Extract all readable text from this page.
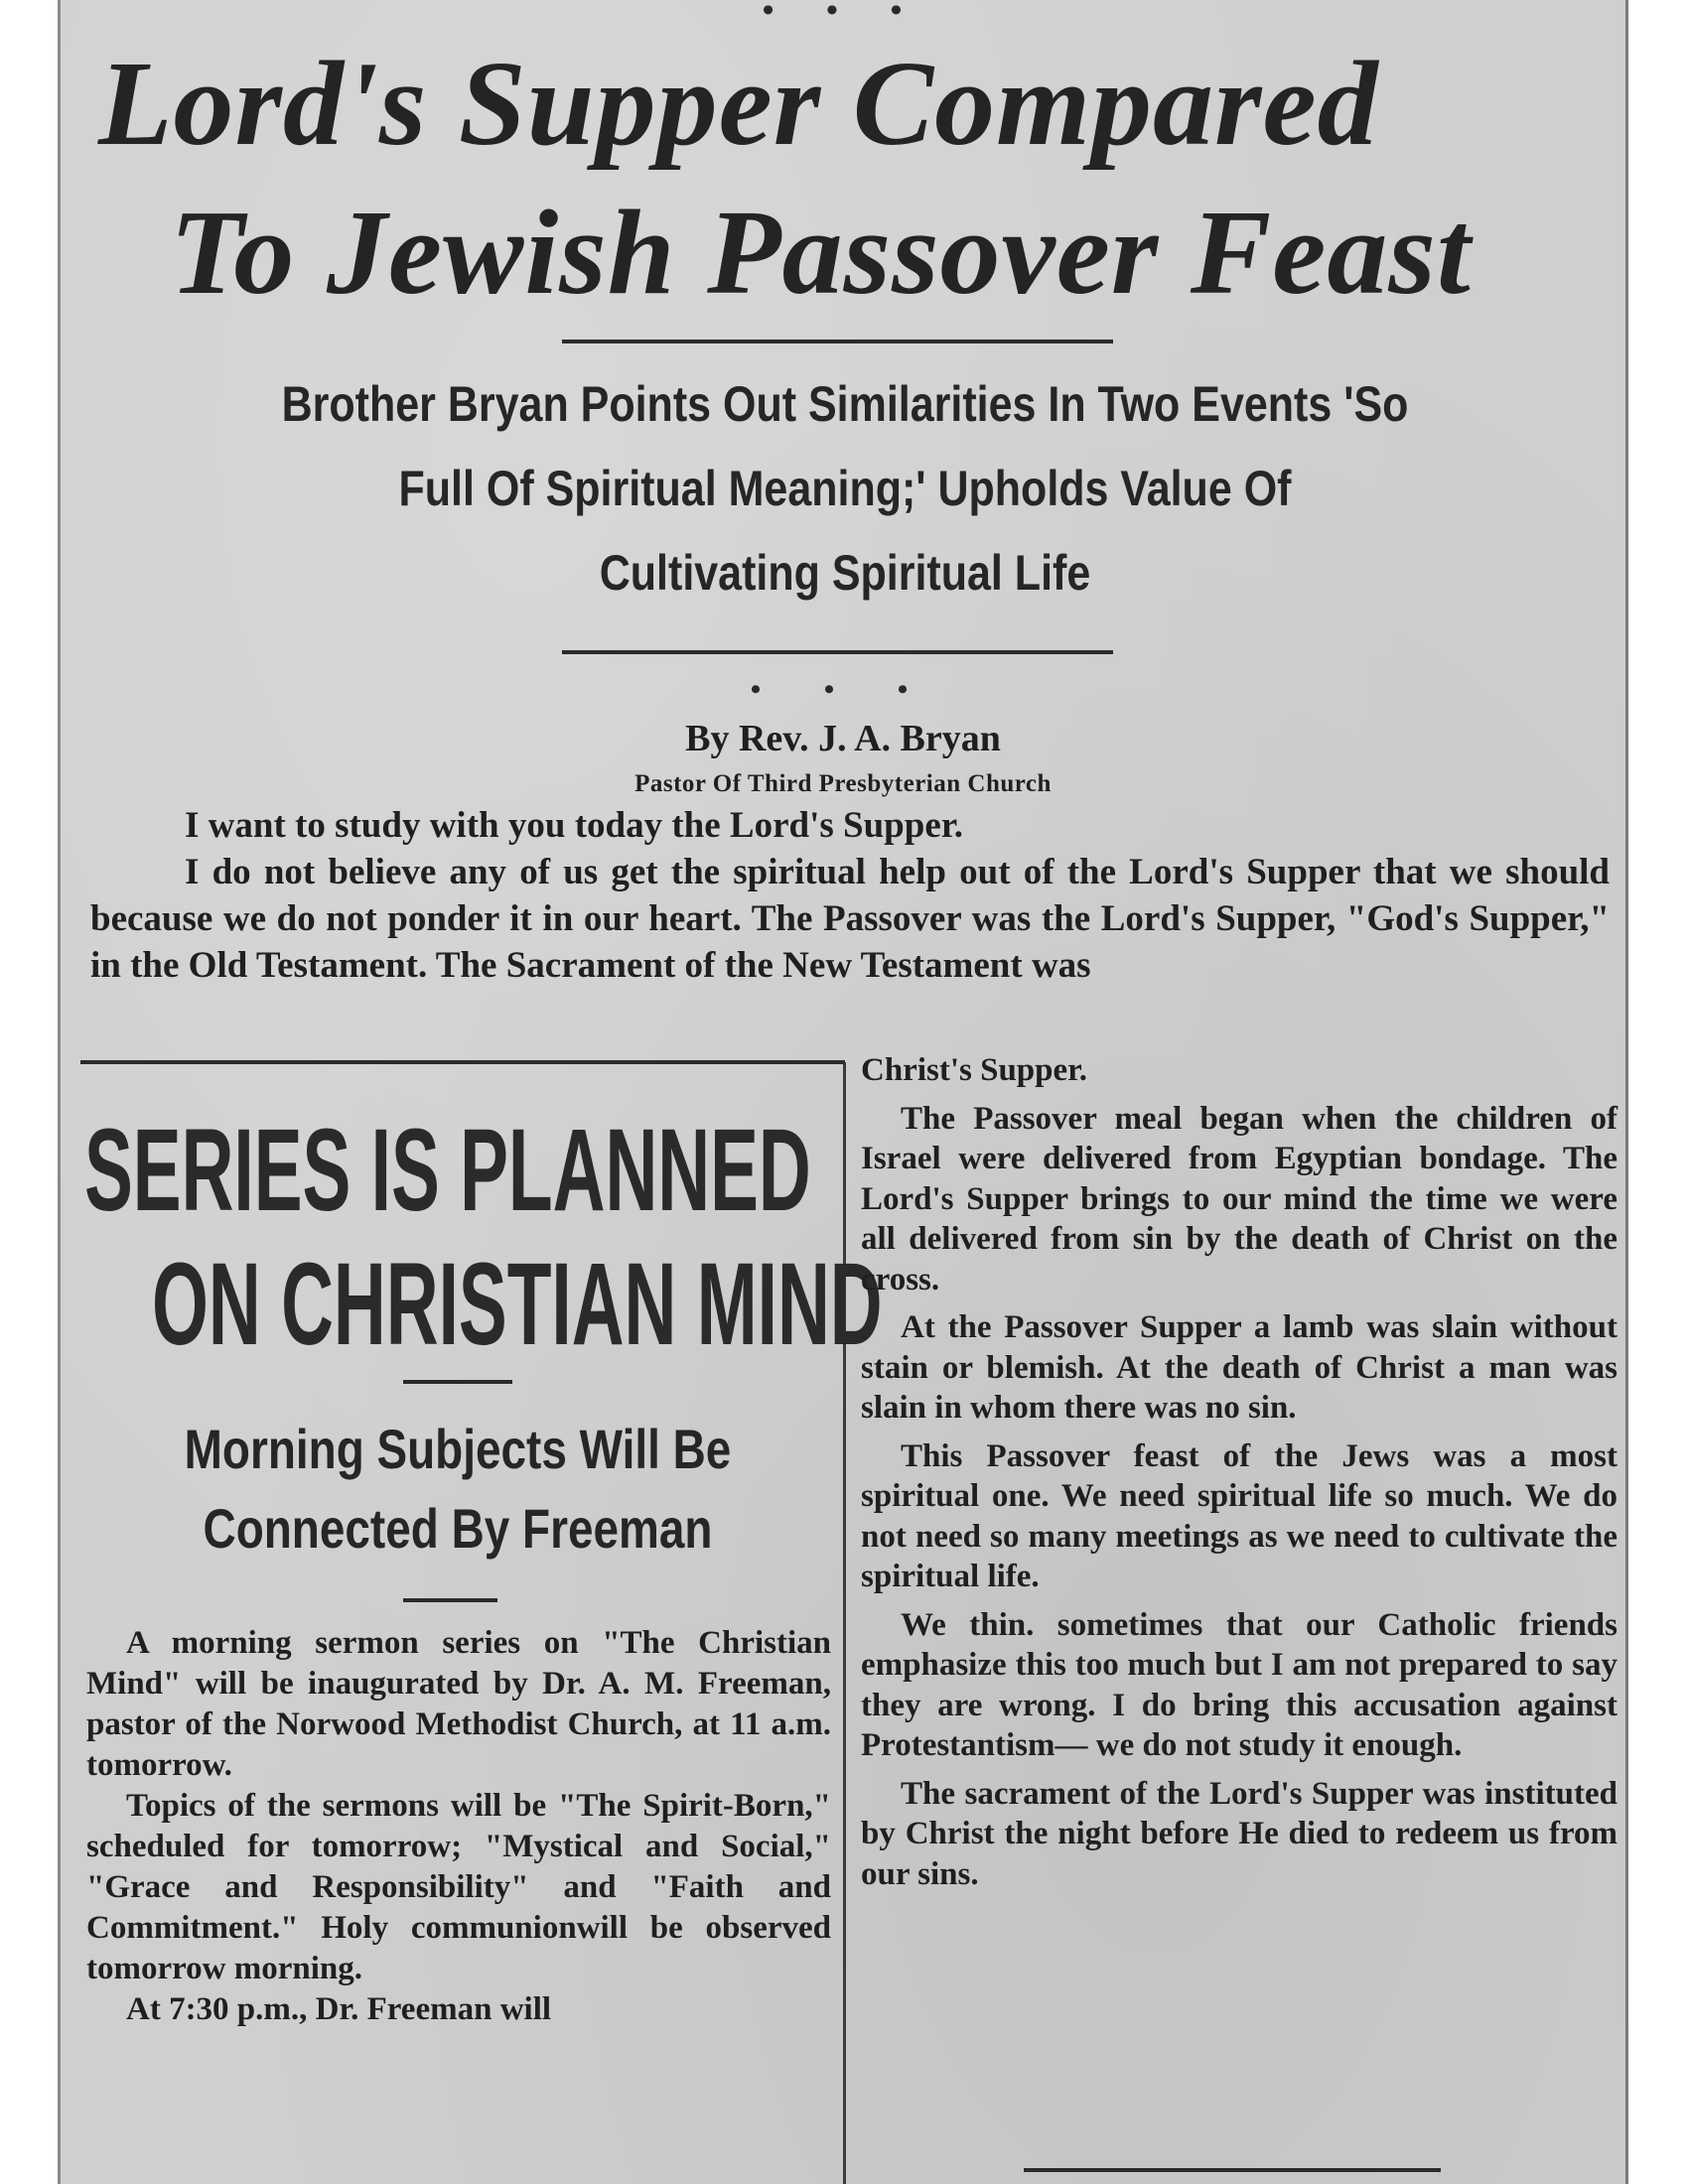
• • •
Lord's Supper Compared
To Jewish Passover Feast
Brother Bryan Points Out Similarities In Two Events 'So
Full Of Spiritual Meaning;' Upholds Value Of
Cultivating Spiritual Life
• • •
By Rev. J. A. Bryan
Pastor Of Third Presbyterian Church

I want to study with you today the Lord's Supper.

I do not believe any of us get the spiritual help out of the Lord's Supper that we should because we do not ponder it in our heart. The Passover was the Lord's Supper, "God's Supper," in the Old Testament. The Sacrament of the New Testament was

SERIES IS PLANNED
ON CHRISTIAN MIND
Morning Subjects Will Be
Connected By Freeman

A morning sermon series on "The Christian Mind" will be inaugurated by Dr. A. M. Freeman, pastor of the Norwood Methodist Church, at 11 a.m. tomorrow.

Topics of the sermons will be "The Spirit-Born," scheduled for tomorrow; "Mystical and Social," "Grace and Responsibility" and "Faith and Commitment." Holy communionwill be observed tomorrow morning.

At 7:30 p.m., Dr. Freeman will

Christ's Supper.

The Passover meal began when the children of Israel were delivered from Egyptian bondage. The Lord's Supper brings to our mind the time we were all delivered from sin by the death of Christ on the cross.

At the Passover Supper a lamb was slain without stain or blemish. At the death of Christ a man was slain in whom there was no sin.

This Passover feast of the Jews was a most spiritual one. We need spiritual life so much. We do not need so many meetings as we need to cultivate the spiritual life.

We thin. sometimes that our Catholic friends emphasize this too much but I am not prepared to say they are wrong. I do bring this accusation against Protestantism— we do not study it enough.

The sacrament of the Lord's Supper was instituted by Christ the night before He died to redeem us from our sins.
